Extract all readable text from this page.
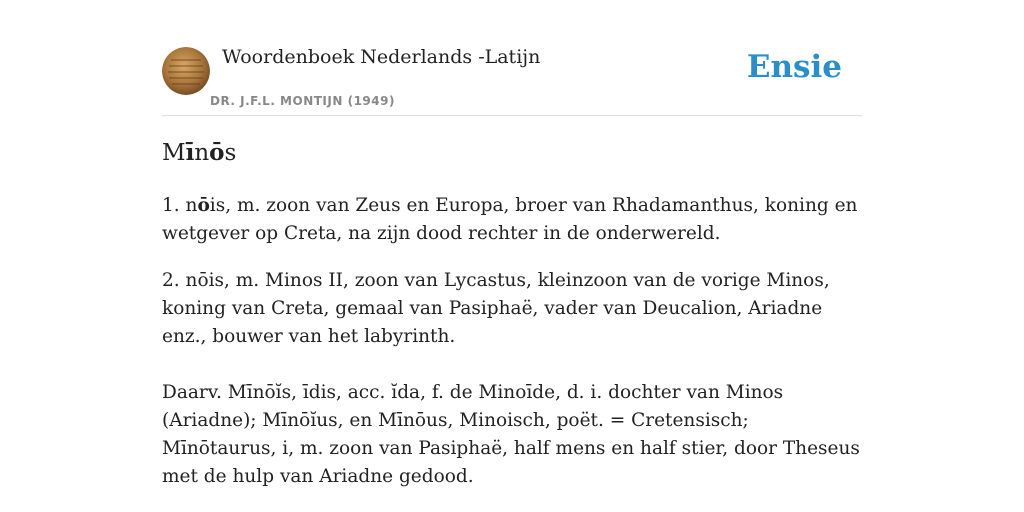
Woordenboek Nederlands -Latijn
DR. J.F.L. MONTIJN (1949)
Ensie
Mīnōs
1. nōis, m. zoon van Zeus en Europa, broer van Rhadamanthus, koning en wetgever op Creta, na zijn dood rechter in de onderwereld.
2. nōis, m. Minos II, zoon van Lycastus, kleinzoon van de vorige Minos, koning van Creta, gemaal van Pasiphaë, vader van Deucalion, Ariadne enz., bouwer van het labyrinth.
Daarv. Mīnōĭs, īdis, acc. ĭda, f. de Minoīde, d. i. dochter van Minos (Ariadne); Mīnōĭus, en Mīnōus, Minoisch, poët. = Cretensisch; Mīnōtaurus, i, m. zoon van Pasiphaë, half mens en half stier, door Theseus met de hulp van Ariadne gedood.
